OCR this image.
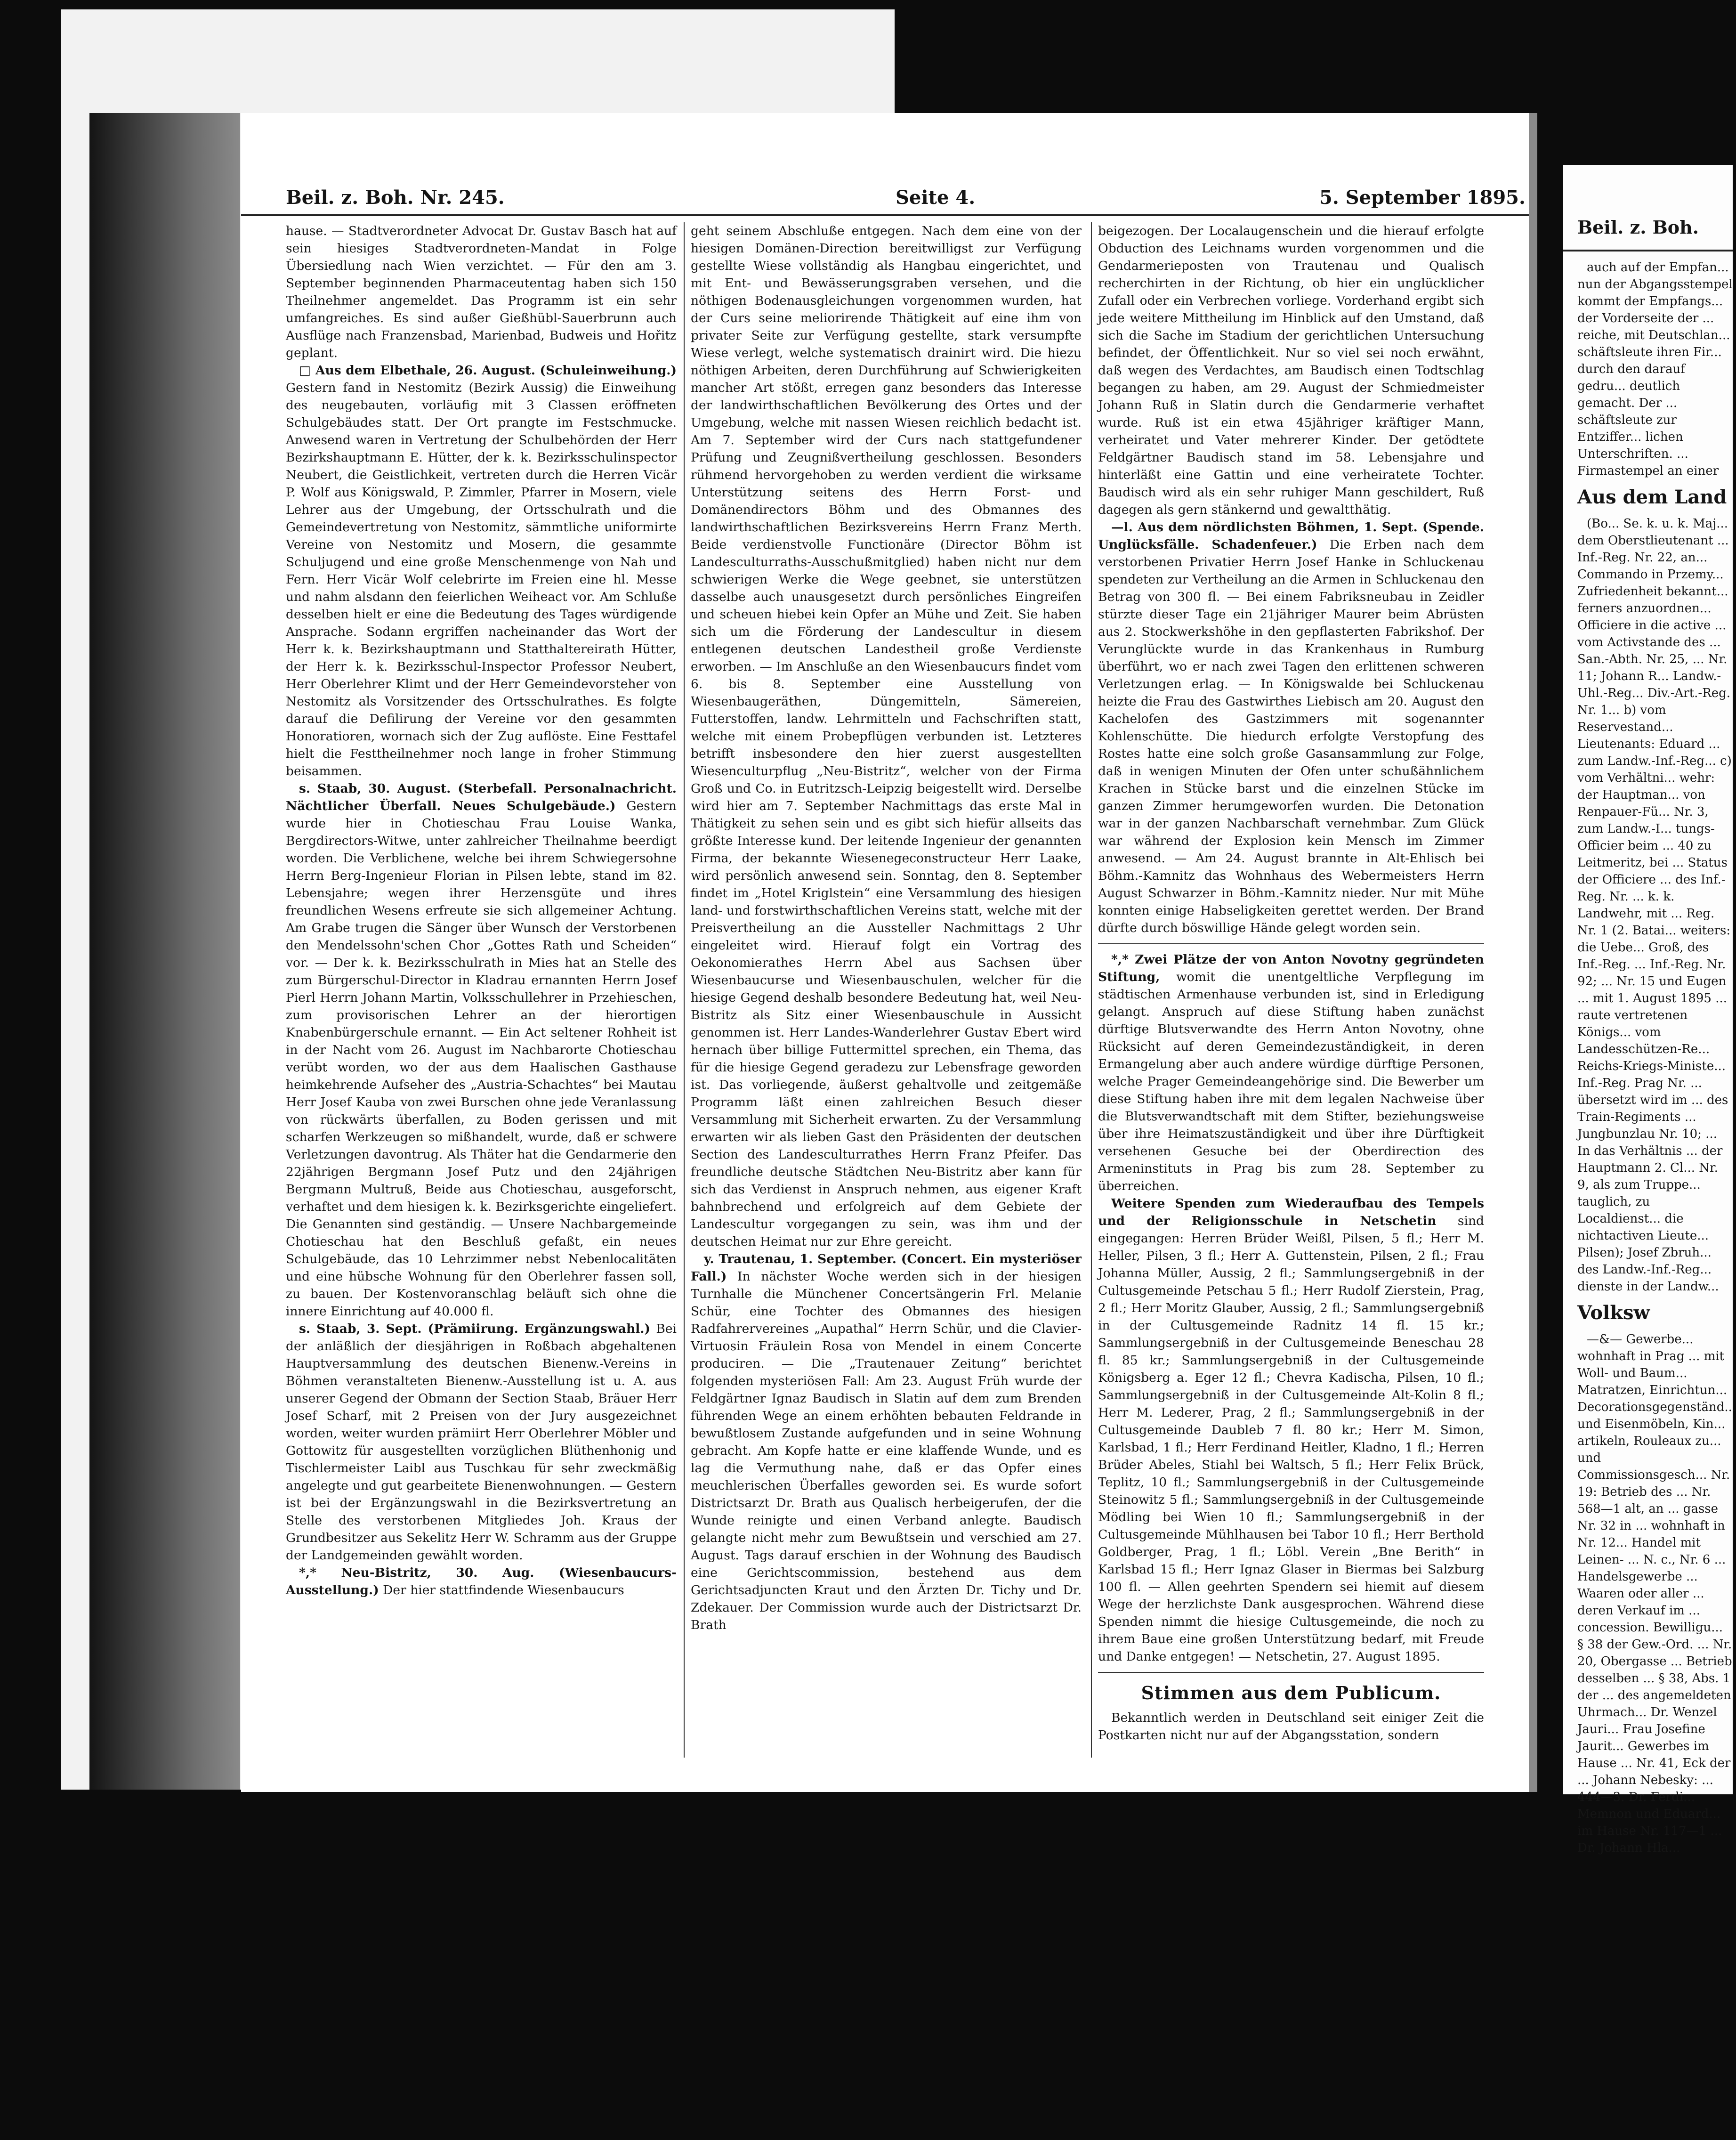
Beil. z. Boh. Nr. 245.	Seite 4.	5. September 1895.

hause. — Stadtverordneter Advocat Dr. Gustav Basch hat auf sein hiesiges Stadtverordneten-Mandat in Folge Übersiedlung nach Wien verzichtet. — Für den am 3. September beginnenden Pharmaceutentag haben sich 150 Theilnehmer angemeldet. Das Programm ist ein sehr umfangreiches. Es sind außer Gießhübl-Sauerbrunn auch Ausflüge nach Franzensbad, Marienbad, Budweis und Hořitz geplant.

□ Aus dem Elbethale, 26. August. (Schuleinweihung.) Gestern fand in Nestomitz (Bezirk Aussig) die Einweihung des neugebauten, vorläufig mit 3 Classen eröffneten Schulgebäudes statt. Der Ort prangte im Festschmucke. Anwesend waren in Vertretung der Schulbehörden der Herr Bezirkshauptmann E. Hütter, der k. k. Bezirksschulinspector Neubert, die Geistlichkeit, vertreten durch die Herren Vicär P. Wolf aus Königswald, P. Zimmler, Pfarrer in Mosern, viele Lehrer aus der Umgebung, der Ortsschulrath und die Gemeindevertretung von Nestomitz, sämmtliche uniformirte Vereine von Nestomitz und Mosern, die gesammte Schuljugend und eine große Menschenmenge von Nah und Fern. Herr Vicär Wolf celebrirte im Freien eine hl. Messe und nahm alsdann den feierlichen Weiheact vor. Am Schluße desselben hielt er eine die Bedeutung des Tages würdigende Ansprache. Sodann ergriffen nacheinander das Wort der Herr k. k. Bezirkshauptmann und Statthaltereirath Hütter, der Herr k. k. Bezirksschul-Inspector Professor Neubert, Herr Oberlehrer Klimt und der Herr Gemeindevorsteher von Nestomitz als Vorsitzender des Ortsschulrathes. Es folgte darauf die Defilirung der Vereine vor den gesammten Honoratioren, wornach sich der Zug auflöste. Eine Festtafel hielt die Festtheilnehmer noch lange in froher Stimmung beisammen.

s. Staab, 30. August. (Sterbefall. Personalnachricht. Nächtlicher Überfall. Neues Schulgebäude.) Gestern wurde hier in Chotieschau Frau Louise Wanka, Bergdirectors-Witwe, unter zahlreicher Theilnahme beerdigt worden. Die Verblichene, welche bei ihrem Schwiegersohne Herrn Berg-Ingenieur Florian in Pilsen lebte, stand im 82. Lebensjahre; wegen ihrer Herzensgüte und ihres freundlichen Wesens erfreute sie sich allgemeiner Achtung. Am Grabe trugen die Sänger über Wunsch der Verstorbenen den Mendelssohn'schen Chor „Gottes Rath und Scheiden“ vor. — Der k. k. Bezirksschulrath in Mies hat an Stelle des zum Bürgerschul-Director in Kladrau ernannten Herrn Josef Pierl Herrn Johann Martin, Volksschullehrer in Przehieschen, zum provisorischen Lehrer an der hierortigen Knabenbürgerschule ernannt. — Ein Act seltener Rohheit ist in der Nacht vom 26. August im Nachbarorte Chotieschau verübt worden, wo der aus dem Haalischen Gasthause heimkehrende Aufseher des „Austria-Schachtes“ bei Mautau Herr Josef Kauba von zwei Burschen ohne jede Veranlassung von rückwärts überfallen, zu Boden gerissen und mit scharfen Werkzeugen so mißhandelt, wurde, daß er schwere Verletzungen davontrug. Als Thäter hat die Gendarmerie den 22jährigen Bergmann Josef Putz und den 24jährigen Bergmann Multruß, Beide aus Chotieschau, ausgeforscht, verhaftet und dem hiesigen k. k. Bezirksgerichte eingeliefert. Die Genannten sind geständig. — Unsere Nachbargemeinde Chotieschau hat den Beschluß gefaßt, ein neues Schulgebäude, das 10 Lehrzimmer nebst Nebenlocalitäten und eine hübsche Wohnung für den Oberlehrer fassen soll, zu bauen. Der Kostenvoranschlag beläuft sich ohne die innere Einrichtung auf 40.000 fl.

s. Staab, 3. Sept. (Prämiirung. Ergänzungswahl.) Bei der anläßlich der diesjährigen in Roßbach abgehaltenen Hauptversammlung des deutschen Bienenw.-Vereins in Böhmen veranstalteten Bienenw.-Ausstellung ist u. A. aus unserer Gegend der Obmann der Section Staab, Bräuer Herr Josef Scharf, mit 2 Preisen von der Jury ausgezeichnet worden, weiter wurden prämiirt Herr Oberlehrer Möbler und Gottowitz für ausgestellten vorzüglichen Blüthenhonig und Tischlermeister Laibl aus Tuschkau für sehr zweckmäßig angelegte und gut gearbeitete Bienenwohnungen. — Gestern ist bei der Ergänzungswahl in die Bezirksvertretung an Stelle des verstorbenen Mitgliedes Joh. Kraus der Grundbesitzer aus Sekelitz Herr W. Schramm aus der Gruppe der Landgemeinden gewählt worden.

*,* Neu-Bistritz, 30. Aug. (Wiesenbaucurs-Ausstellung.) Der hier stattfindende Wiesenbaucurs

geht seinem Abschluße entgegen. Nach dem eine von der hiesigen Domänen-Direction bereitwilligst zur Verfügung gestellte Wiese vollständig als Hangbau eingerichtet, und mit Ent- und Bewässerungsgraben versehen, und die nöthigen Bodenausgleichungen vorgenommen wurden, hat der Curs seine meliorirende Thätigkeit auf eine ihm von privater Seite zur Verfügung gestellte, stark versumpfte Wiese verlegt, welche systematisch drainirt wird. Die hiezu nöthigen Arbeiten, deren Durchführung auf Schwierigkeiten mancher Art stößt, erregen ganz besonders das Interesse der landwirthschaftlichen Bevölkerung des Ortes und der Umgebung, welche mit nassen Wiesen reichlich bedacht ist. Am 7. September wird der Curs nach stattgefundener Prüfung und Zeugnißvertheilung geschlossen. Besonders rühmend hervorgehoben zu werden verdient die wirksame Unterstützung seitens des Herrn Forst- und Domänendirectors Böhm und des Obmannes des landwirthschaftlichen Bezirksvereins Herrn Franz Merth. Beide verdienstvolle Functionäre (Director Böhm ist Landesculturraths-Ausschußmitglied) haben nicht nur dem schwierigen Werke die Wege geebnet, sie unterstützen dasselbe auch unausgesetzt durch persönliches Eingreifen und scheuen hiebei kein Opfer an Mühe und Zeit. Sie haben sich um die Förderung der Landescultur in diesem entlegenen deutschen Landestheil große Verdienste erworben. — Im Anschluße an den Wiesenbaucurs findet vom 6. bis 8. September eine Ausstellung von Wiesenbaugeräthen, Düngemitteln, Sämereien, Futterstoffen, landw. Lehrmitteln und Fachschriften statt, welche mit einem Probepflügen verbunden ist. Letzteres betrifft insbesondere den hier zuerst ausgestellten Wiesenculturpflug „Neu-Bistritz“, welcher von der Firma Groß und Co. in Eutritzsch-Leipzig beigestellt wird. Derselbe wird hier am 7. September Nachmittags das erste Mal in Thätigkeit zu sehen sein und es gibt sich hiefür allseits das größte Interesse kund. Der leitende Ingenieur der genannten Firma, der bekannte Wiesenegeconstructeur Herr Laake, wird persönlich anwesend sein. Sonntag, den 8. September findet im „Hotel Kriglstein“ eine Versammlung des hiesigen land- und forstwirthschaftlichen Vereins statt, welche mit der Preisvertheilung an die Aussteller Nachmittags 2 Uhr eingeleitet wird. Hierauf folgt ein Vortrag des Oekonomierathes Herrn Abel aus Sachsen über Wiesenbaucurse und Wiesenbauschulen, welcher für die hiesige Gegend deshalb besondere Bedeutung hat, weil Neu-Bistritz als Sitz einer Wiesenbauschule in Aussicht genommen ist. Herr Landes-Wanderlehrer Gustav Ebert wird hernach über billige Futtermittel sprechen, ein Thema, das für die hiesige Gegend geradezu zur Lebensfrage geworden ist. Das vorliegende, äußerst gehaltvolle und zeitgemäße Programm läßt einen zahlreichen Besuch dieser Versammlung mit Sicherheit erwarten. Zu der Versammlung erwarten wir als lieben Gast den Präsidenten der deutschen Section des Landesculturrathes Herrn Franz Pfeifer. Das freundliche deutsche Städtchen Neu-Bistritz aber kann für sich das Verdienst in Anspruch nehmen, aus eigener Kraft bahnbrechend und erfolgreich auf dem Gebiete der Landescultur vorgegangen zu sein, was ihm und der deutschen Heimat nur zur Ehre gereicht.

y. Trautenau, 1. September. (Concert. Ein mysteriöser Fall.) In nächster Woche werden sich in der hiesigen Turnhalle die Münchener Concertsängerin Frl. Melanie Schür, eine Tochter des Obmannes des hiesigen Radfahrervereines „Aupathal“ Herrn Schür, und die Clavier-Virtuosin Fräulein Rosa von Mendel in einem Concerte produciren. — Die „Trautenauer Zeitung“ berichtet folgenden mysteriösen Fall: Am 23. August Früh wurde der Feldgärtner Ignaz Baudisch in Slatin auf dem zum Brenden führenden Wege an einem erhöhten bebauten Feldrande in bewußtlosem Zustande aufgefunden und in seine Wohnung gebracht. Am Kopfe hatte er eine klaffende Wunde, und es lag die Vermuthung nahe, daß er das Opfer eines meuchlerischen Überfalles geworden sei. Es wurde sofort Districtsarzt Dr. Brath aus Qualisch herbeigerufen, der die Wunde reinigte und einen Verband anlegte. Baudisch gelangte nicht mehr zum Bewußtsein und verschied am 27. August. Tags darauf erschien in der Wohnung des Baudisch eine Gerichtscommission, bestehend aus dem Gerichtsadjuncten Kraut und den Ärzten Dr. Tichy und Dr. Zdekauer. Der Commission wurde auch der Districtsarzt Dr. Brath

beigezogen. Der Localaugenschein und die hierauf erfolgte Obduction des Leichnams wurden vorgenommen und die Gendarmerieposten von Trautenau und Qualisch recherchirten in der Richtung, ob hier ein unglücklicher Zufall oder ein Verbrechen vorliege. Vorderhand ergibt sich jede weitere Mittheilung im Hinblick auf den Umstand, daß sich die Sache im Stadium der gerichtlichen Untersuchung befindet, der Öffentlichkeit. Nur so viel sei noch erwähnt, daß wegen des Verdachtes, am Baudisch einen Todtschlag begangen zu haben, am 29. August der Schmiedmeister Johann Ruß in Slatin durch die Gendarmerie verhaftet wurde. Ruß ist ein etwa 45jähriger kräftiger Mann, verheiratet und Vater mehrerer Kinder. Der getödtete Feldgärtner Baudisch stand im 58. Lebensjahre und hinterläßt eine Gattin und eine verheiratete Tochter. Baudisch wird als ein sehr ruhiger Mann geschildert, Ruß dagegen als gern stänkernd und gewaltthätig.

—l. Aus dem nördlichsten Böhmen, 1. Sept. (Spende. Unglücksfälle. Schadenfeuer.) Die Erben nach dem verstorbenen Privatier Herrn Josef Hanke in Schluckenau spendeten zur Vertheilung an die Armen in Schluckenau den Betrag von 300 fl. — Bei einem Fabriksneubau in Zeidler stürzte dieser Tage ein 21jähriger Maurer beim Abrüsten aus 2. Stockwerkshöhe in den gepflasterten Fabrikshof. Der Verunglückte wurde in das Krankenhaus in Rumburg überführt, wo er nach zwei Tagen den erlittenen schweren Verletzungen erlag. — In Königswalde bei Schluckenau heizte die Frau des Gastwirthes Liebisch am 20. August den Kachelofen des Gastzimmers mit sogenannter Kohlenschütte. Die hiedurch erfolgte Verstopfung des Rostes hatte eine solch große Gasansammlung zur Folge, daß in wenigen Minuten der Ofen unter schußähnlichem Krachen in Stücke barst und die einzelnen Stücke im ganzen Zimmer herumgeworfen wurden. Die Detonation war in der ganzen Nachbarschaft vernehmbar. Zum Glück war während der Explosion kein Mensch im Zimmer anwesend. — Am 24. August brannte in Alt-Ehlisch bei Böhm.-Kamnitz das Wohnhaus des Webermeisters Herrn August Schwarzer in Böhm.-Kamnitz nieder. Nur mit Mühe konnten einige Habseligkeiten gerettet werden. Der Brand dürfte durch böswillige Hände gelegt worden sein.

*,* Zwei Plätze der von Anton Novotny gegründeten Stiftung, womit die unentgeltliche Verpflegung im städtischen Armenhause verbunden ist, sind in Erledigung gelangt. Anspruch auf diese Stiftung haben zunächst dürftige Blutsverwandte des Herrn Anton Novotny, ohne Rücksicht auf deren Gemeindezuständigkeit, in deren Ermangelung aber auch andere würdige dürftige Personen, welche Prager Gemeindeangehörige sind. Die Bewerber um diese Stiftung haben ihre mit dem legalen Nachweise über die Blutsverwandtschaft mit dem Stifter, beziehungsweise über ihre Heimatszuständigkeit und über ihre Dürftigkeit versehenen Gesuche bei der Oberdirection des Armeninstituts in Prag bis zum 28. September zu überreichen.

Weitere Spenden zum Wiederaufbau des Tempels und der Religionsschule in Netschetin sind eingegangen: Herren Brüder Weißl, Pilsen, 5 fl.; Herr M. Heller, Pilsen, 3 fl.; Herr A. Guttenstein, Pilsen, 2 fl.; Frau Johanna Müller, Aussig, 2 fl.; Sammlungsergebniß in der Cultusgemeinde Petschau 5 fl.; Herr Rudolf Zierstein, Prag, 2 fl.; Herr Moritz Glauber, Aussig, 2 fl.; Sammlungsergebniß in der Cultusgemeinde Radnitz 14 fl. 15 kr.; Sammlungsergebniß in der Cultusgemeinde Beneschau 28 fl. 85 kr.; Sammlungsergebniß in der Cultusgemeinde Königsberg a. Eger 12 fl.; Chevra Kadischa, Pilsen, 10 fl.; Sammlungsergebniß in der Cultusgemeinde Alt-Kolin 8 fl.; Herr M. Lederer, Prag, 2 fl.; Sammlungsergebniß in der Cultusgemeinde Daubleb 7 fl. 80 kr.; Herr M. Simon, Karlsbad, 1 fl.; Herr Ferdinand Heitler, Kladno, 1 fl.; Herren Brüder Abeles, Stiahl bei Waltsch, 5 fl.; Herr Felix Brück, Teplitz, 10 fl.; Sammlungsergebniß in der Cultusgemeinde Steinowitz 5 fl.; Sammlungsergebniß in der Cultusgemeinde Mödling bei Wien 10 fl.; Sammlungsergebniß in der Cultusgemeinde Mühlhausen bei Tabor 10 fl.; Herr Berthold Goldberger, Prag, 1 fl.; Löbl. Verein „Bne Berith“ in Karlsbad 15 fl.; Herr Ignaz Glaser in Biermas bei Salzburg 100 fl. — Allen geehrten Spendern sei hiemit auf diesem Wege der herzlichste Dank ausgesprochen. Während diese Spenden nimmt die hiesige Cultusgemeinde, die noch zu ihrem Baue eine großen Unterstützung bedarf, mit Freude und Danke entgegen! — Netschetin, 27. August 1895.

Stimmen aus dem Publicum.

Bekanntlich werden in Deutschland seit einiger Zeit die Postkarten nicht nur auf der Abgangsstation, sondern

Beil. z. Boh.

auch auf der Empfan... nun der Abgangsstempel kommt der Empfangs... der Vorderseite der ... reiche, mit Deutschlan... schäftsleute ihren Fir... durch den darauf gedru... deutlich gemacht. Der ... schäftsleute zur Entziffer... lichen Unterschriften. ... Firmastempel an einer

Aus dem Land

(Bo... Se. k. u. k. Maj... dem Oberstlieutenant ... Inf.-Reg. Nr. 22, an... Commando in Przemy... Zufriedenheit bekannt... ferners anzuordnen... Officiere in die active ... vom Activstande des ... San.-Abth. Nr. 25, ... Nr. 11; Johann R... Landw.-Uhl.-Reg... Div.-Art.-Reg. Nr. 1... b) vom Reservestand... Lieutenants: Eduard ... zum Landw.-Inf.-Reg... c) vom Verhältni... wehr: der Hauptman... von Renpauer-Fü... Nr. 3, zum Landw.-I... tungs-Officier beim ... 40 zu Leitmeritz, bei ... Status der Officiere ... des Inf.-Reg. Nr. ... k. k. Landwehr, mit ... Reg. Nr. 1 (2. Batai... weiters: die Uebe... Groß, des Inf.-Reg. ... Inf.-Reg. Nr. 92; ... Nr. 15 und Eugen ... mit 1. August 1895 ... raute vertretenen Königs... vom Landesschützen-Re... Reichs-Kriegs-Ministe... Inf.-Reg. Prag Nr. ... übersetzt wird im ... des Train-Regiments ... Jungbunzlau Nr. 10; ... In das Verhältnis ... der Hauptmann 2. Cl... Nr. 9, als zum Truppe... tauglich, zu Localdienst... die nichtactiven Lieute... Pilsen); Josef Zbruh... des Landw.-Inf.-Reg... dienste in der Landw...

Volksw

—&— Gewerbe... wohnhaft in Prag ... mit Woll- und Baum... Matratzen, Einrichtun... Decorationsgegenständ... und Eisenmöbeln, Kin... artikeln, Rouleaux zu... und Commissionsgesch... Nr. 19: Betrieb des ... Nr. 568—1 alt, an ... gasse Nr. 32 in ... wohnhaft in Nr. 12... Handel mit Leinen- ... N. c., Nr. 6 ... Handelsgewerbe ... Waaren oder aller ... deren Verkauf im ... concession. Bewilligu... § 38 der Gew.-Ord. ... Nr. 20, Obergasse ... Betrieb desselben ... § 38, Abs. 1 der ... des angemeldeten Uhrmach... Dr. Wenzel Jauri... Frau Josefine Jaurit... Gewerbes im Hause ... Nr. 41, Eck der ... Johann Nebesky: ... 444—3. Dr. Ferdi... Memnon und Eduard... im Hause Nr. 117—1 ... Dr. Johann Hla...
